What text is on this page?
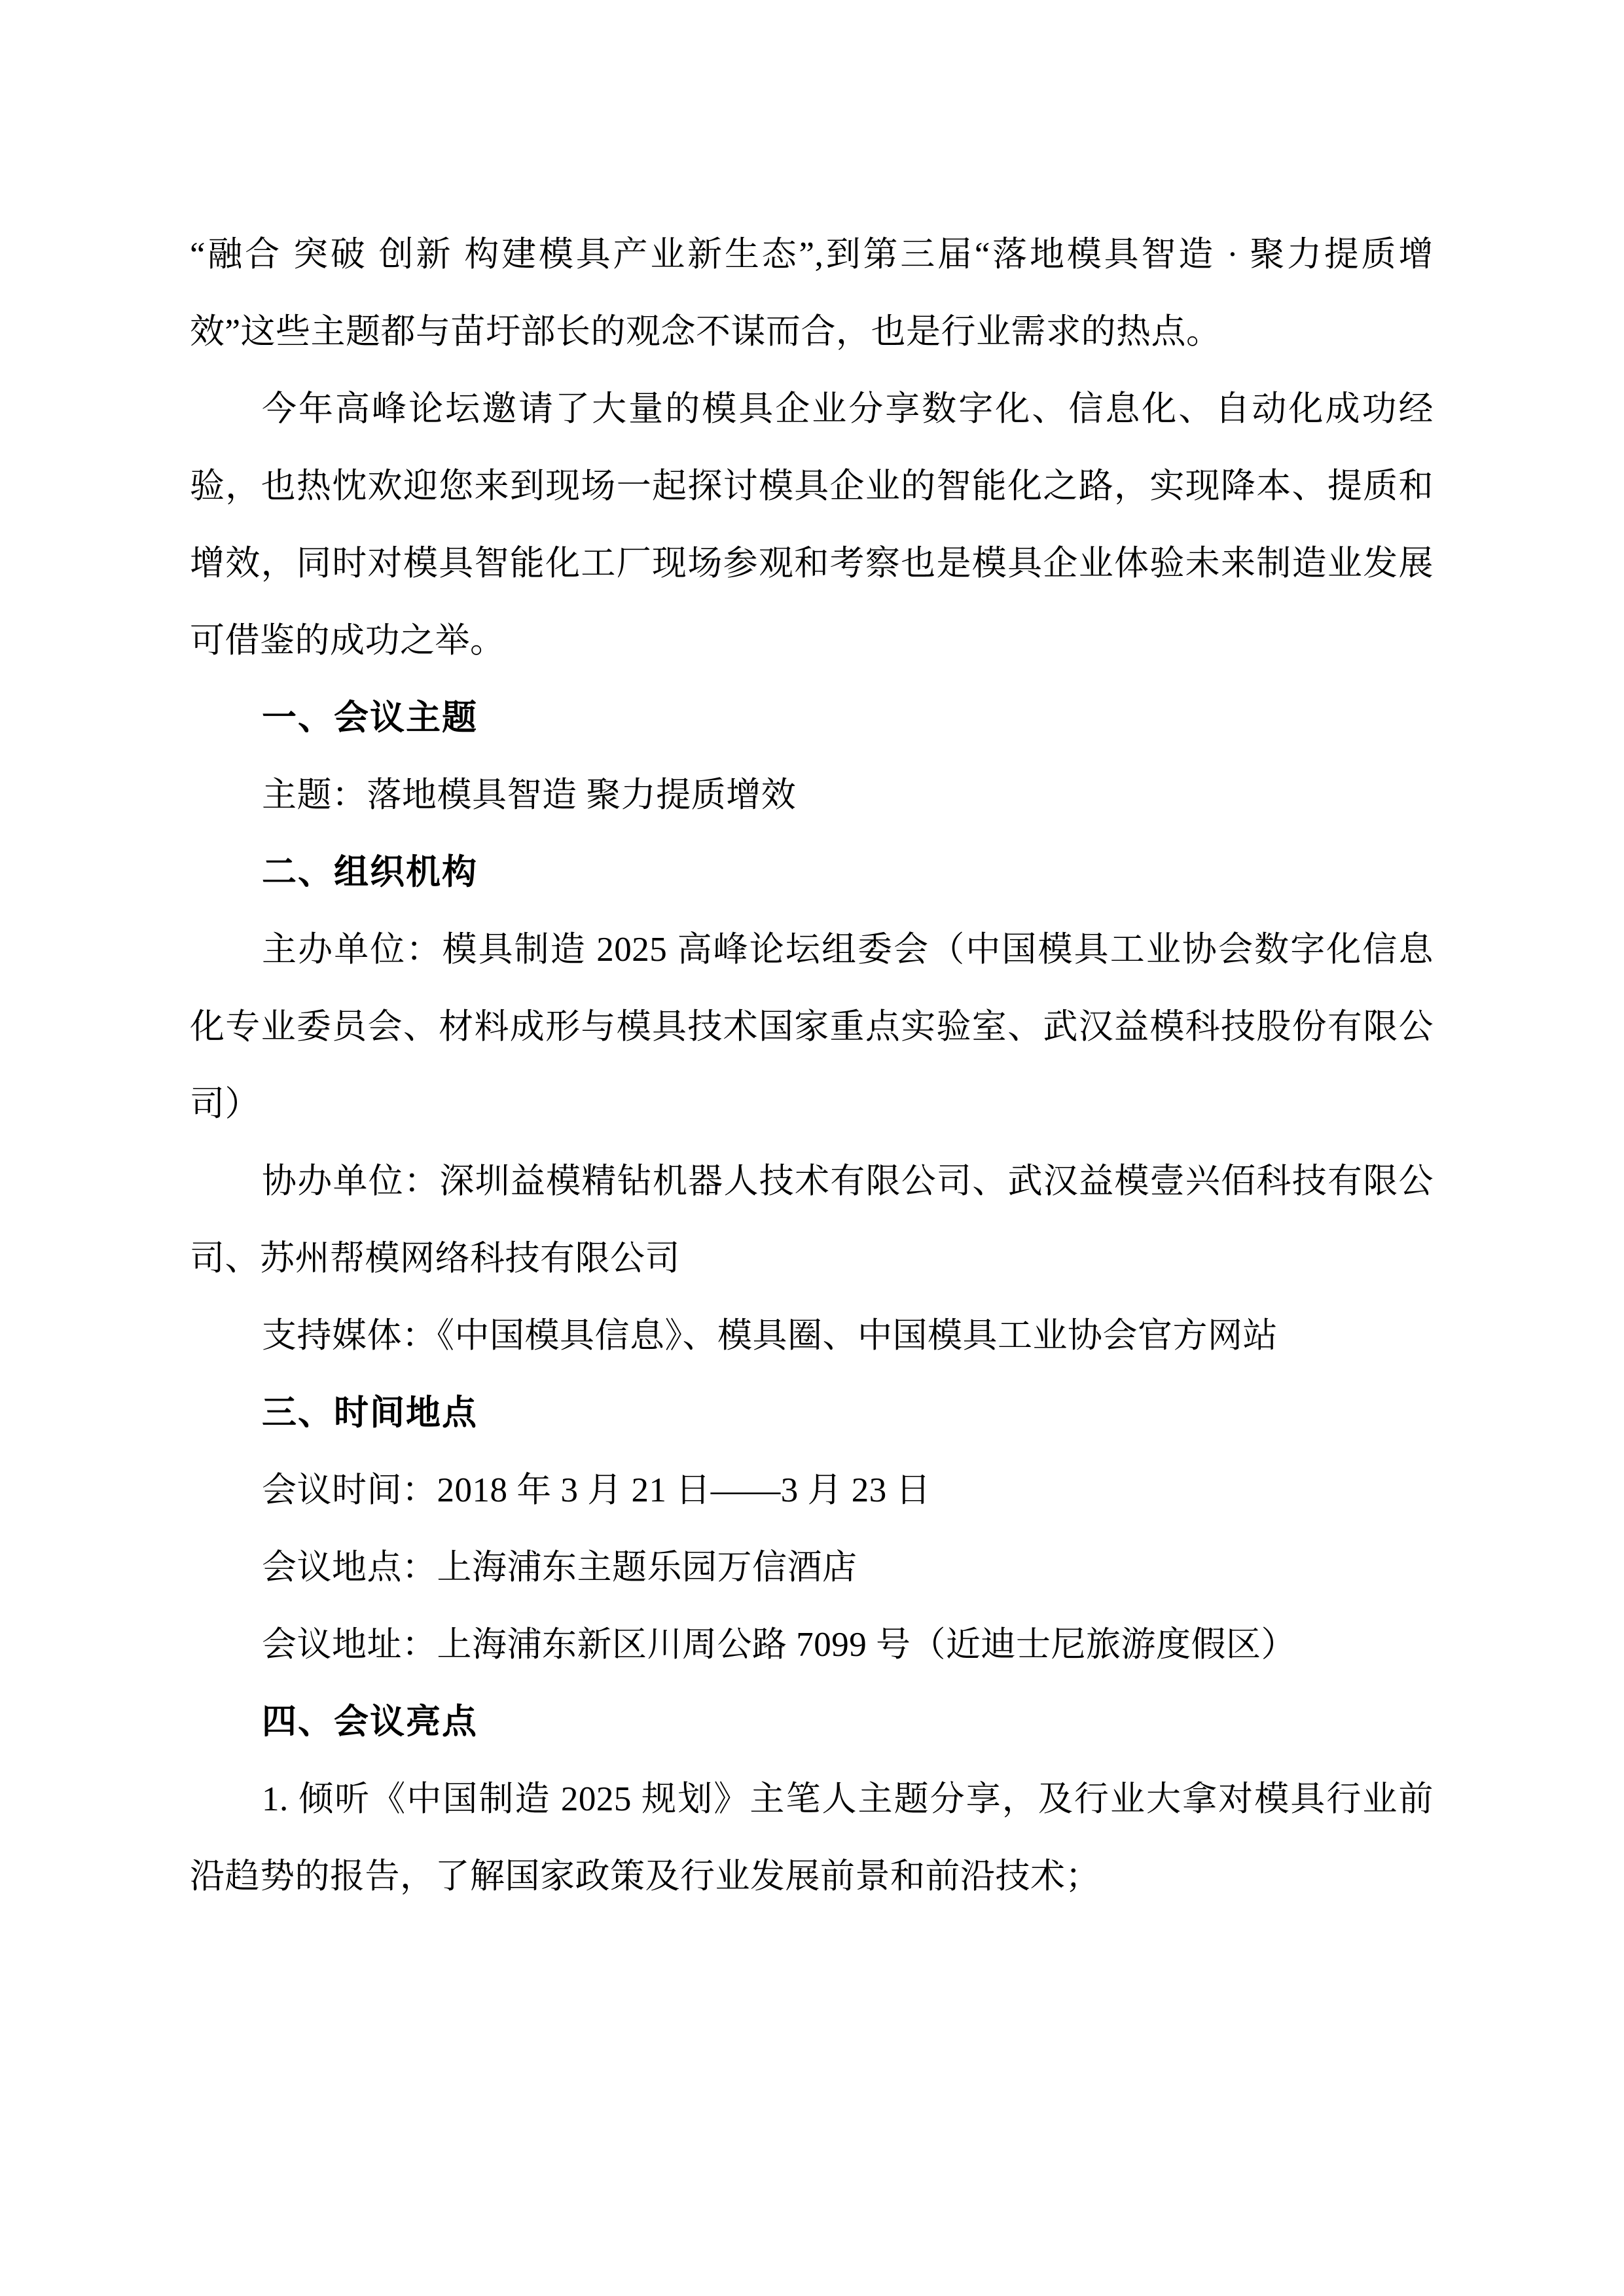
“融合 突破 创新 构建模具产业新生态”,到第三届“落地模具智造 · 聚力提质增效”这些主题都与苗圩部长的观念不谋而合，也是行业需求的热点。

今年高峰论坛邀请了大量的模具企业分享数字化、信息化、自动化成功经验，也热忱欢迎您来到现场一起探讨模具企业的智能化之路，实现降本、提质和增效，同时对模具智能化工厂现场参观和考察也是模具企业体验未来制造业发展可借鉴的成功之举。

一、会议主题

主题：落地模具智造 聚力提质增效

二、组织机构

主办单位：模具制造 2025 高峰论坛组委会（中国模具工业协会数字化信息化专业委员会、材料成形与模具技术国家重点实验室、武汉益模科技股份有限公司）

协办单位：深圳益模精钻机器人技术有限公司、武汉益模壹兴佰科技有限公司、苏州帮模网络科技有限公司

支持媒体：《中国模具信息》、模具圈、中国模具工业协会官方网站

三、时间地点

会议时间：2018 年 3 月 21 日——3 月 23 日

会议地点：上海浦东主题乐园万信酒店

会议地址：上海浦东新区川周公路 7099 号（近迪士尼旅游度假区）

四、会议亮点

1. 倾听《中国制造 2025 规划》主笔人主题分享，及行业大拿对模具行业前沿趋势的报告，了解国家政策及行业发展前景和前沿技术；
